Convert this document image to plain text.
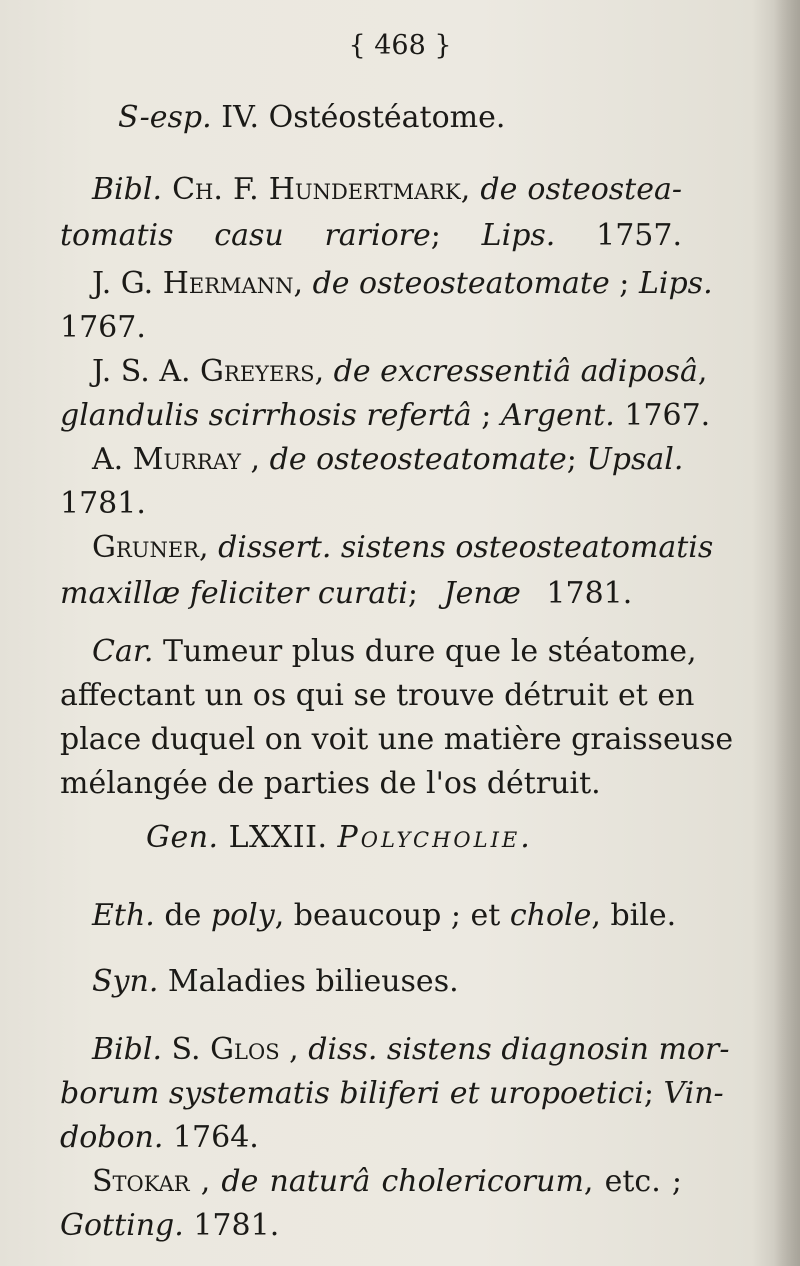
{ 468 }
S-esp. IV. Ostéostéatome.
Bibl. Ch. F. Hundertmark, de osteostea-
tomatis casu rariore; Lips. 1757.
J. G. Hermann, de osteosteatomate ; Lips.
1767.
J. S. A. Greyers, de excressentiâ adiposâ,
glandulis scirrhosis refertâ ; Argent. 1767.
A. Murray , de osteosteatomate; Upsal.
1781.
Gruner, dissert. sistens osteosteatomatis
maxillæ feliciter curati; Jenæ 1781.
Car. Tumeur plus dure que le stéatome,
affectant un os qui se trouve détruit et en
place duquel on voit une matière graisseuse
mélangée de parties de l'os détruit.
Gen. LXXII. Polycholie.
Eth. de poly, beaucoup ; et chole, bile.
Syn. Maladies bilieuses.
Bibl. S. Glos , diss. sistens diagnosin mor-
borum systematis biliferi et uropoetici; Vin-
dobon. 1764.
Stokar , de naturâ cholericorum, etc. ;
Gotting. 1781.
